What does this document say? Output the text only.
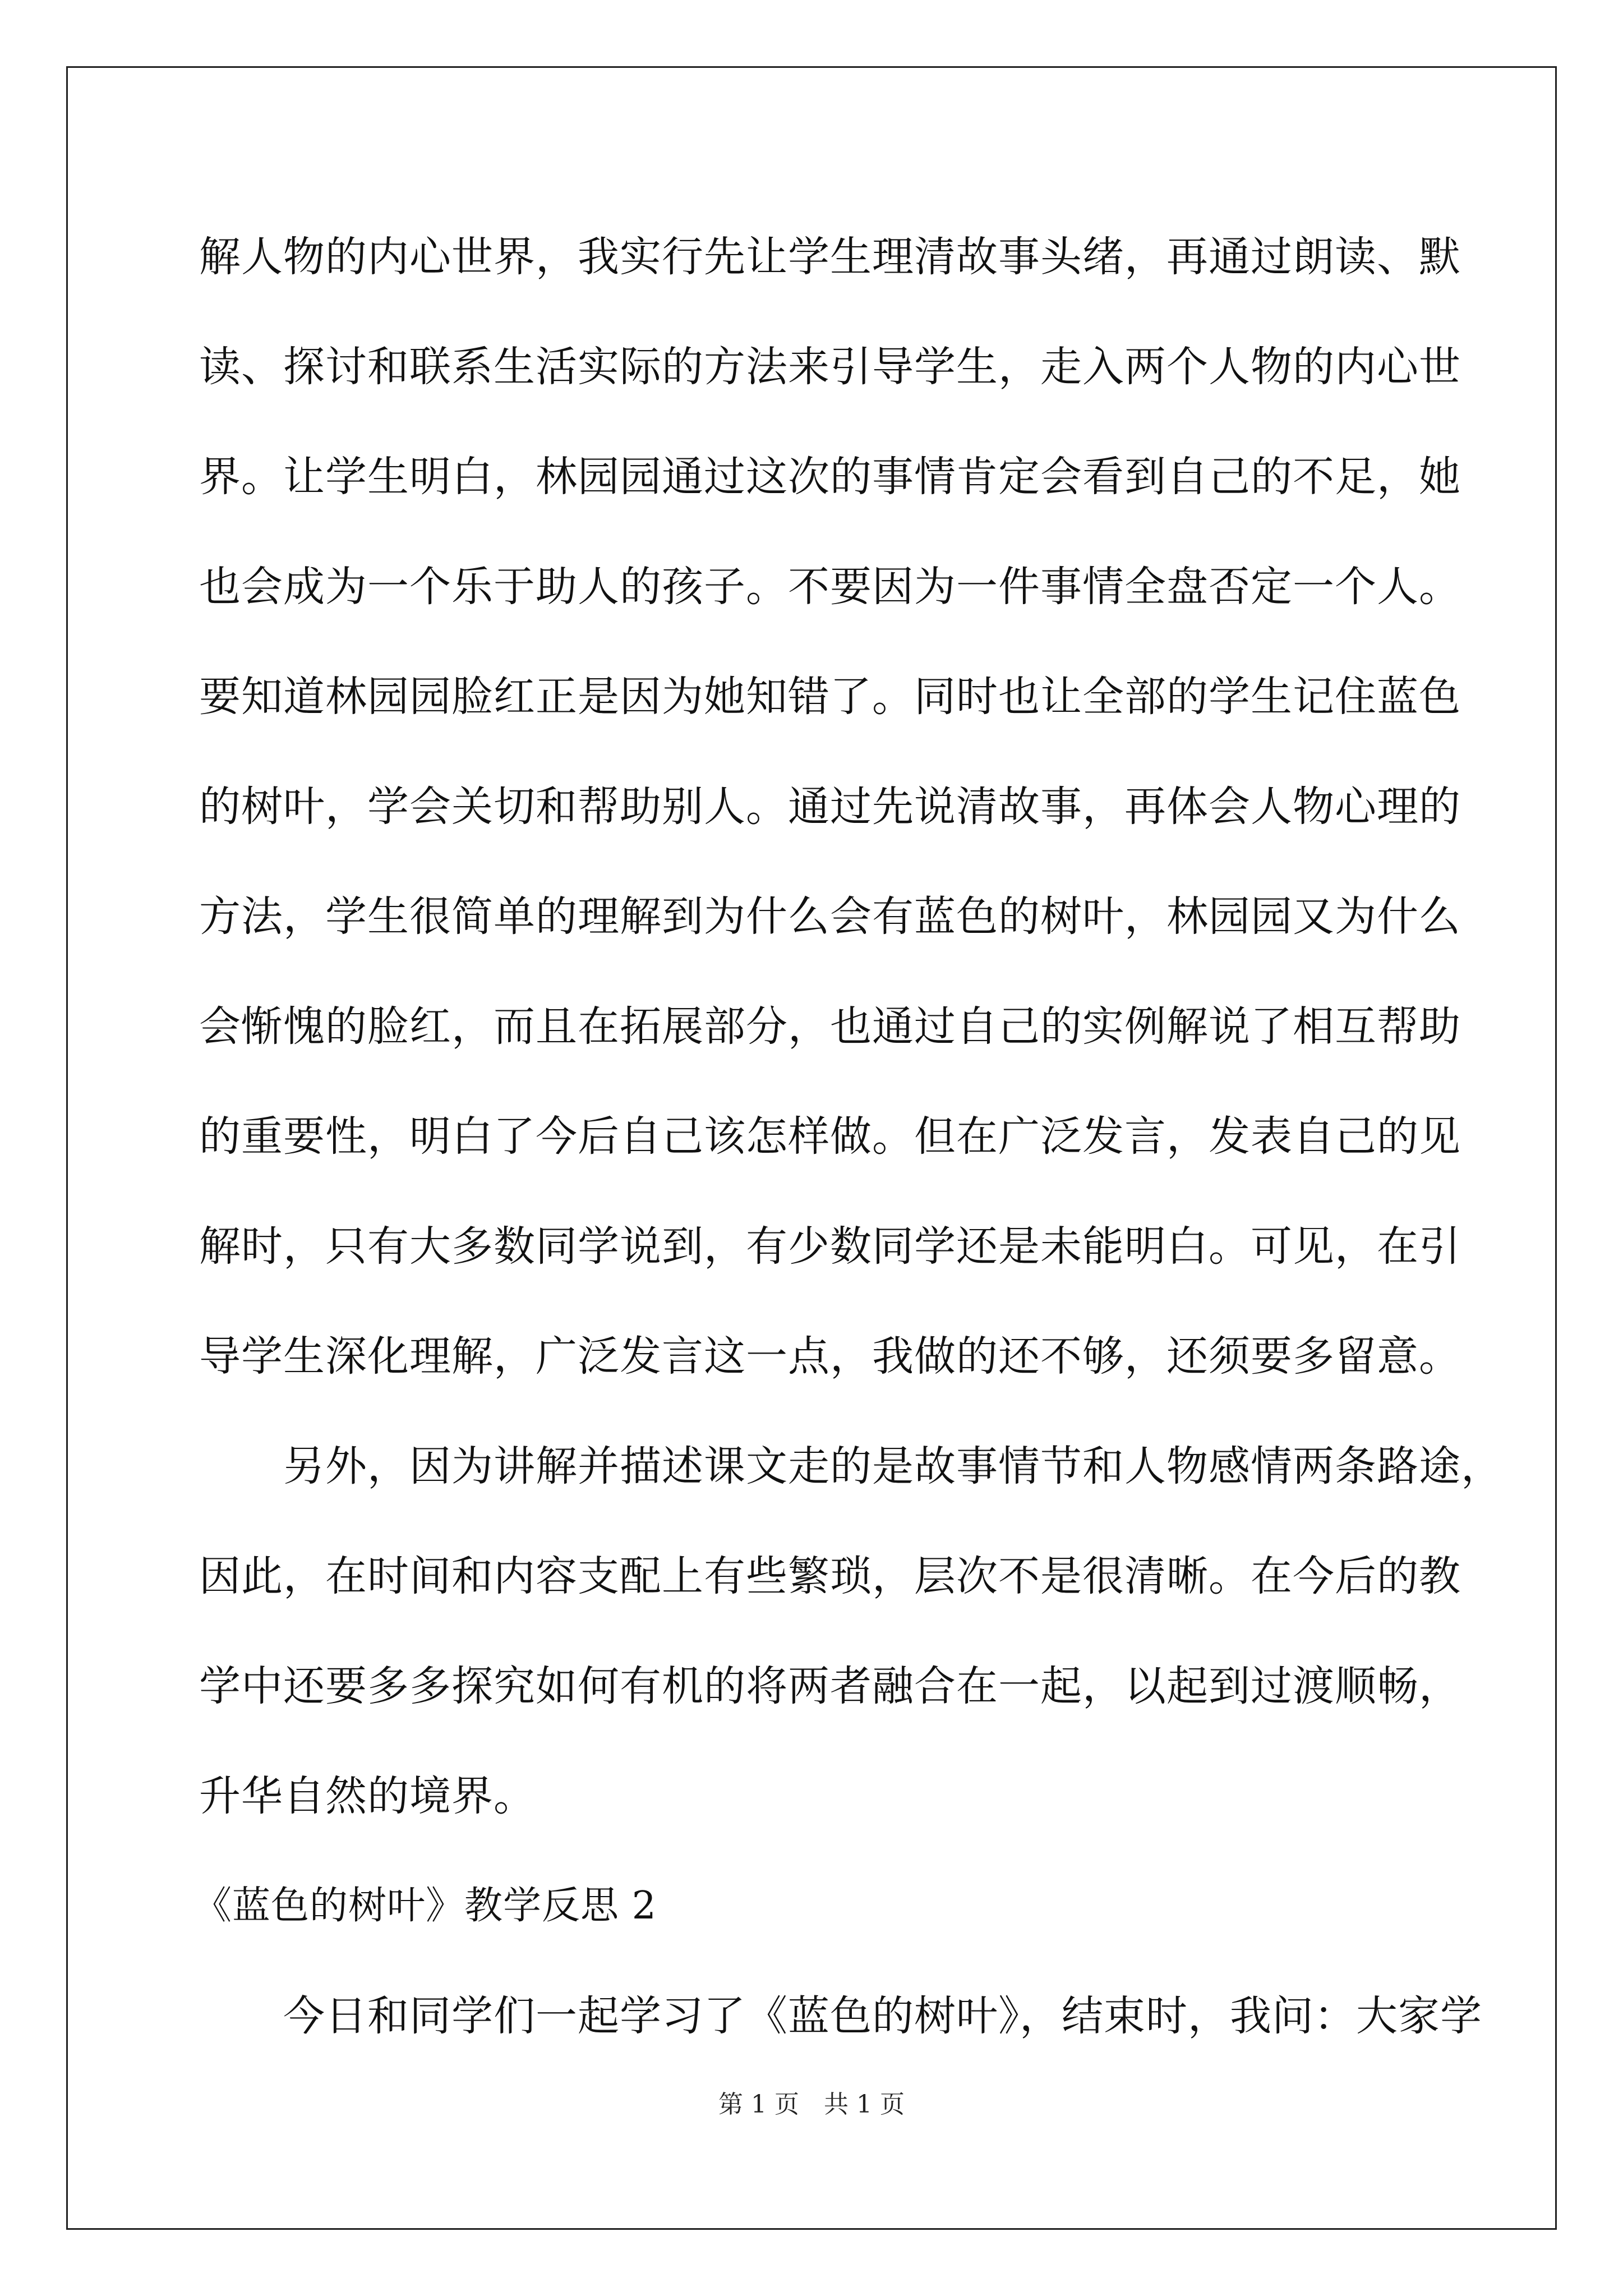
解人物的内心世界，我实行先让学生理清故事头绪，再通过朗读、默
读、探讨和联系生活实际的方法来引导学生，走入两个人物的内心世
界。让学生明白，林园园通过这次的事情肯定会看到自己的不足，她
也会成为一个乐于助人的孩子。不要因为一件事情全盘否定一个人。
要知道林园园脸红正是因为她知错了。同时也让全部的学生记住蓝色
的树叶，学会关切和帮助别人。通过先说清故事，再体会人物心理的
方法，学生很简单的理解到为什么会有蓝色的树叶，林园园又为什么
会惭愧的脸红，而且在拓展部分，也通过自己的实例解说了相互帮助
的重要性，明白了今后自己该怎样做。但在广泛发言，发表自己的见
解时，只有大多数同学说到，有少数同学还是未能明白。可见，在引
导学生深化理解，广泛发言这一点，我做的还不够，还须要多留意。
另外，因为讲解并描述课文走的是故事情节和人物感情两条路途，
因此，在时间和内容支配上有些繁琐，层次不是很清晰。在今后的教
学中还要多多探究如何有机的将两者融合在一起，以起到过渡顺畅，
升华自然的境界。
《蓝色的树叶》教学反思 2
今日和同学们一起学习了《蓝色的树叶》，结束时，我问：大家学
第 1 页　共 1 页
